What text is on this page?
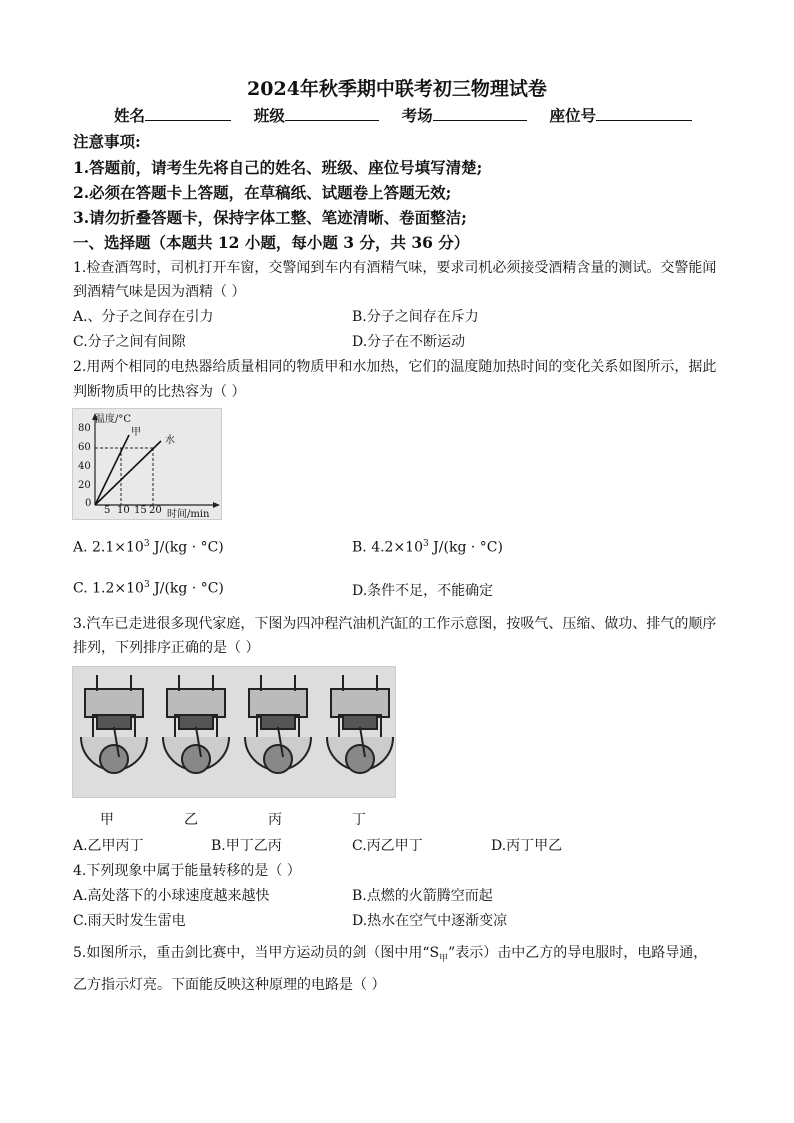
2024年秋季期中联考初三物理试卷
姓名	班级	考场	座位号
注意事项:
1.答题前，请考生先将自己的姓名、班级、座位号填写清楚;
2.必须在答题卡上答题，在草稿纸、试题卷上答题无效;
3.请勿折叠答题卡，保持字体工整、笔迹清晰、卷面整洁;
一、选择题（本题共 12 小题，每小题 3 分，共 36 分）
1.检查酒驾时，司机打开车窗，交警闻到车内有酒精气味，要求司机必须接受酒精含量的测试。交警能闻
到酒精气味是因为酒精（ ）
A.、分子之间存在引力	B.分子之间存在斥力
C.分子之间有间隙	D.分子在不断运动
2.用两个相同的电热器给质量相同的物质甲和水加热，它们的温度随加热时间的变化关系如图所示，据此
判断物质甲的比热容为（ ）
温度/°C
80
60
40
20
0
5 10 15 20 时间/min
甲
水
A. $2.1\times 10^3$ J/(kg · °C)	B. $4.2\times 10^3$ J/(kg · °C)
C. $1.2\times 10^3$ J/(kg · °C)	D.条件不足，不能确定
3.汽车已走进很多现代家庭，下图为四冲程汽油机汽缸的工作示意图，按吸气、压缩、做功、排气的顺序
排列，下列排序正确的是（ ）
甲	乙	丙	丁
A.乙甲丙丁	B.甲丁乙丙	C.丙乙甲丁	D.丙丁甲乙
4.下列现象中属于能量转移的是（ ）
A.高处落下的小球速度越来越快	B.点燃的火箭腾空而起
C.雨天时发生雷电	D.热水在空气中逐渐变凉
5.如图所示，重击剑比赛中，当甲方运动员的剑（图中用“$S_甲$”表示）击中乙方的导电服时，电路导通，
乙方指示灯亮。下面能反映这种原理的电路是（ ）
